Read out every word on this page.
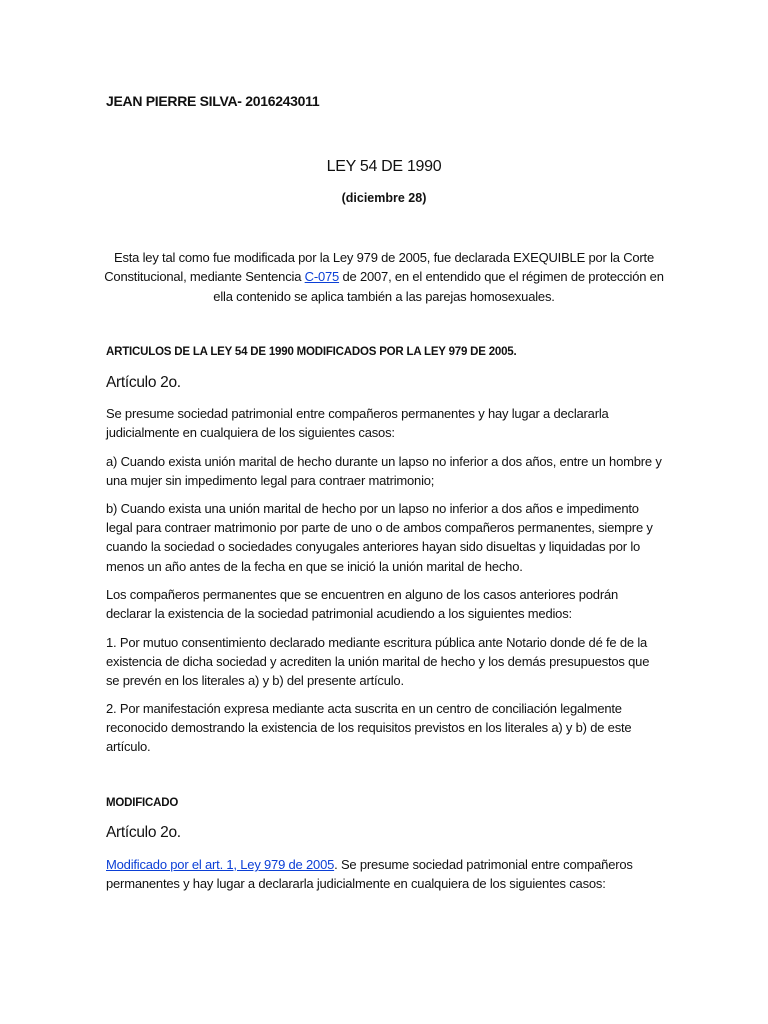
JEAN PIERRE SILVA- 2016243011
LEY 54 DE 1990
(diciembre 28)
Esta ley tal como fue modificada por la Ley 979 de 2005, fue declarada EXEQUIBLE por la Corte Constitucional, mediante Sentencia C-075 de 2007, en el entendido que el régimen de protección en ella contenido se aplica también a las parejas homosexuales.
ARTICULOS DE LA LEY 54 DE 1990 MODIFICADOS POR LA LEY 979 DE 2005.
Artículo 2o.
Se presume sociedad patrimonial entre compañeros permanentes y hay lugar a declararla judicialmente en cualquiera de los siguientes casos:
a) Cuando exista unión marital de hecho durante un lapso no inferior a dos años, entre un hombre y una mujer sin impedimento legal para contraer matrimonio;
b) Cuando exista una unión marital de hecho por un lapso no inferior a dos años e impedimento legal para contraer matrimonio por parte de uno o de ambos compañeros permanentes, siempre y cuando la sociedad o sociedades conyugales anteriores hayan sido disueltas y liquidadas por lo menos un año antes de la fecha en que se inició la unión marital de hecho.
Los compañeros permanentes que se encuentren en alguno de los casos anteriores podrán declarar la existencia de la sociedad patrimonial acudiendo a los siguientes medios:
1. Por mutuo consentimiento declarado mediante escritura pública ante Notario donde dé fe de la existencia de dicha sociedad y acrediten la unión marital de hecho y los demás presupuestos que se prevén en los literales a) y b) del presente artículo.
2. Por manifestación expresa mediante acta suscrita en un centro de conciliación legalmente reconocido demostrando la existencia de los requisitos previstos en los literales a) y b) de este artículo.
MODIFICADO
Artículo 2o.
Modificado por el art. 1, Ley 979 de 2005. Se presume sociedad patrimonial entre compañeros permanentes y hay lugar a declararla judicialmente en cualquiera de los siguientes casos:
